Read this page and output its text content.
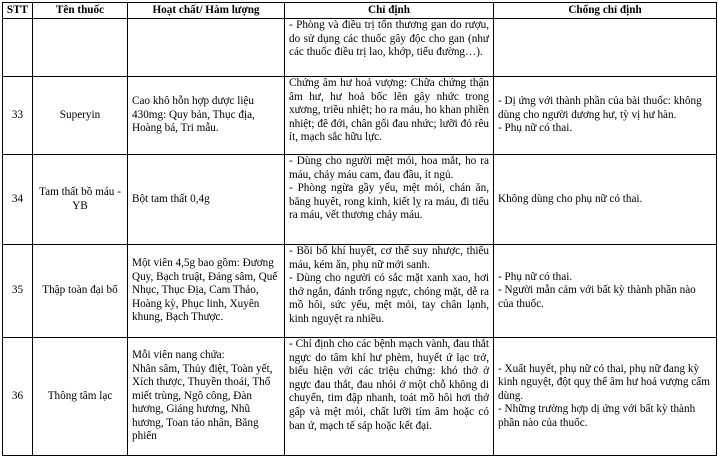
STT	Tên thuốc	Hoạt chất/ Hàm lượng	Chỉ định	Chống chỉ định

			- Phòng và điều trị tổn thương gan do rượu, do sử dụng các thuốc gây độc cho gan (như các thuốc điều trị lao, khớp, tiểu đường…).	

33	Superyin	Cao khô hỗn hợp dược liệu 430mg: Quy bản, Thục địa, Hoàng bá, Tri mẫu.	Chứng âm hư hoả vượng: Chữa chứng thận âm hư, hư hoả bốc lên gây nhức trong xương, triều nhiệt; ho ra máu, ho khan phiền nhiệt; đê đới, chân gối đau nhức; lưỡi đỏ rêu ít, mạch sắc hữu lực.	- Dị ứng với thành phần của bài thuốc: không dùng cho người dương hư, tỳ vị hư hàn.
- Phụ nữ có thai.

34	Tam thất bồ máu - YB	Bột tam thất 0,4g	- Dùng cho người mệt mỏi, hoa mắt, ho ra máu, chảy máu cam, đau đầu, ít ngủ.
- Phòng ngừa gầy yếu, mệt mỏi, chán ăn, băng huyết, rong kinh, kiết lỵ ra máu, đi tiểu ra máu, vết thương chảy máu.	Không dùng cho phụ nữ có thai.

35	Thập toàn đại bổ	Một viên 4,5g bao gồm: Đương Quy, Bạch truật, Đảng sâm, Quế Nhục, Thục Địa, Cam Thảo, Hoàng kỳ, Phục linh, Xuyên khung, Bạch Thược.	- Bồi bổ khí huyết, cơ thể suy nhược, thiếu máu, kém ăn, phụ nữ mới sanh.
- Dùng cho người có sắc mặt xanh xao, hơi thở ngắn, đánh trống ngực, chóng mặt, dễ ra mồ hôi, sức yếu, mệt mỏi, tay chân lạnh, kinh nguyệt ra nhiều.	- Phụ nữ có thai.
- Người mẫn cảm với bất kỳ thành phần nào của thuốc.

36	Thông tâm lạc	Mỗi viên nang chứa:
Nhân sâm, Thủy điệt, Toàn yết, Xích thược, Thuyền thoái, Thổ miết trùng, Ngô công, Đàn hương, Giáng hương, Nhũ hương, Toan táo nhân, Băng phiến	- Chỉ định cho các bệnh mạch vành, đau thắt ngực do tâm khí hư phèm, huyết ứ lạc trở, biểu hiện với các triệu chứng: khó thở ở ngực đau thắt, đau nhói ở một chỗ không di chuyển, tim đập nhanh, toát mồ hôi hơi thở gấp và mệt mỏi, chất lưỡi tím âm hoặc có ban ứ, mạch tế sáp hoặc kết đại.	- Xuất huyết, phụ nữ có thai, phụ nữ đang kỳ kinh nguyệt, đột quỵ thể âm hư hoả vượng cấm dùng.
- Những trường hợp dị ứng với bất kỳ thành phần nào của thuốc.
